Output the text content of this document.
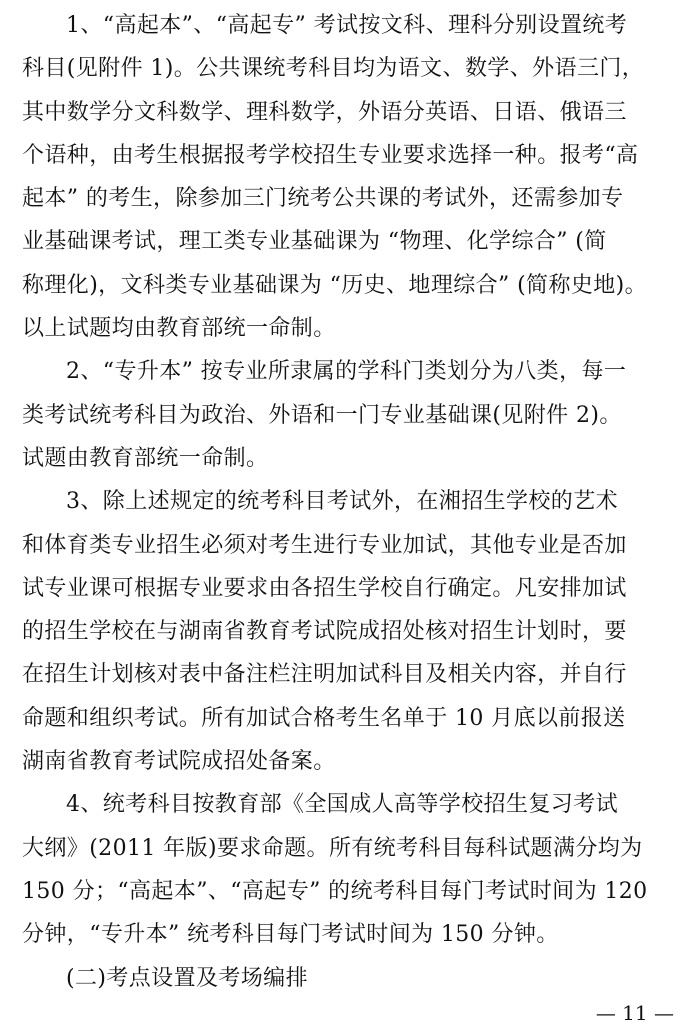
1、“高起本”、“高起专” 考试按文科、理科分别设置统考
科目(见附件 1)。公共课统考科目均为语文、数学、外语三门，
其中数学分文科数学、理科数学，外语分英语、日语、俄语三
个语种，由考生根据报考学校招生专业要求选择一种。报考“高
起本” 的考生，除参加三门统考公共课的考试外，还需参加专
业基础课考试，理工类专业基础课为 “物理、化学综合” (简
称理化)，文科类专业基础课为 “历史、地理综合” (简称史地)。
以上试题均由教育部统一命制。
2、“专升本” 按专业所隶属的学科门类划分为八类，每一
类考试统考科目为政治、外语和一门专业基础课(见附件 2)。
试题由教育部统一命制。
3、除上述规定的统考科目考试外，在湘招生学校的艺术
和体育类专业招生必须对考生进行专业加试，其他专业是否加
试专业课可根据专业要求由各招生学校自行确定。凡安排加试
的招生学校在与湖南省教育考试院成招处核对招生计划时，要
在招生计划核对表中备注栏注明加试科目及相关内容，并自行
命题和组织考试。所有加试合格考生名单于 10 月底以前报送
湖南省教育考试院成招处备案。
4、统考科目按教育部《全国成人高等学校招生复习考试
大纲》(2011 年版)要求命题。所有统考科目每科试题满分均为
150 分；“高起本”、“高起专” 的统考科目每门考试时间为 120
分钟，“专升本” 统考科目每门考试时间为 150 分钟。
(二)考点设置及考场编排
— 11 —
